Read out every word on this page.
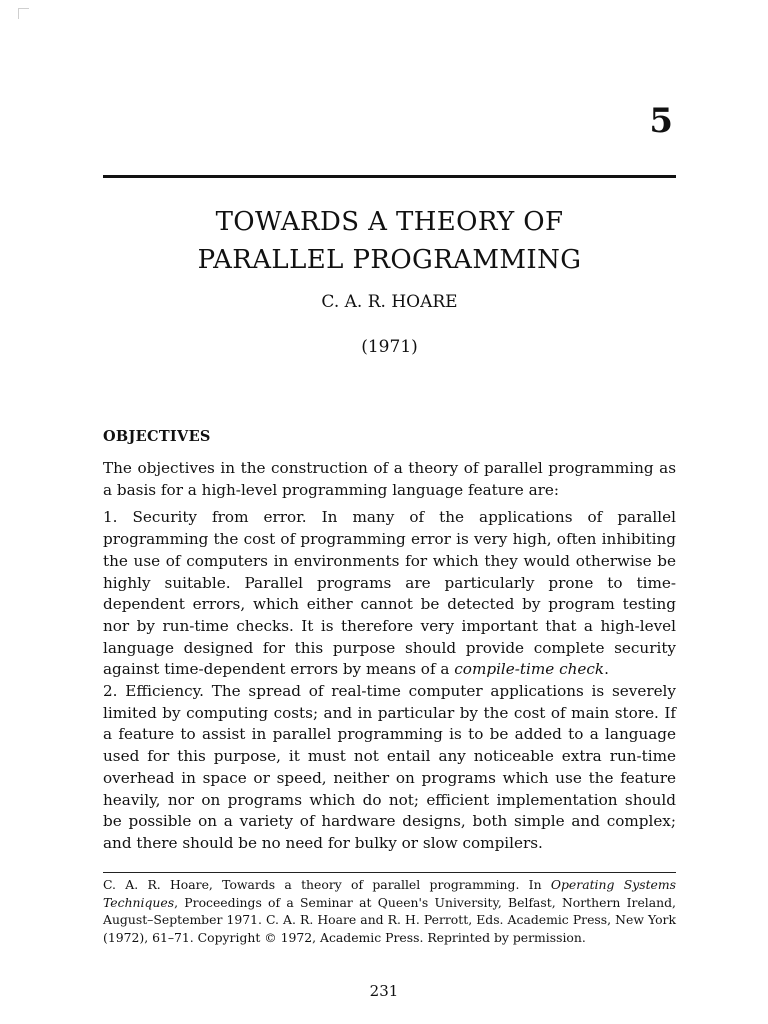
5
TOWARDS A THEORY OF
PARALLEL PROGRAMMING
C. A. R. HOARE
(1971)
OBJECTIVES

The objectives in the construction of a theory of parallel programming as a basis for a high-level programming language feature are:

1. Security from error. In many of the applications of parallel programming the cost of programming error is very high, often inhibiting the use of computers in environments for which they would otherwise be highly suitable. Parallel programs are particularly prone to time-dependent errors, which either cannot be detected by program testing nor by run-time checks. It is therefore very important that a high-level language designed for this purpose should provide complete security against time-dependent errors by means of a compile-time check.

2. Efficiency. The spread of real-time computer applications is severely limited by computing costs; and in particular by the cost of main store. If a feature to assist in parallel programming is to be added to a language used for this purpose, it must not entail any noticeable extra run-time overhead in space or speed, neither on programs which use the feature heavily, nor on programs which do not; efficient implementation should be possible on a variety of hardware designs, both simple and complex; and there should be no need for bulky or slow compilers.

C. A. R. Hoare, Towards a theory of parallel programming. In Operating Systems Techniques, Proceedings of a Seminar at Queen's University, Belfast, Northern Ireland, August–September 1971. C. A. R. Hoare and R. H. Perrott, Eds. Academic Press, New York (1972), 61–71. Copyright © 1972, Academic Press. Reprinted by permission.
231
